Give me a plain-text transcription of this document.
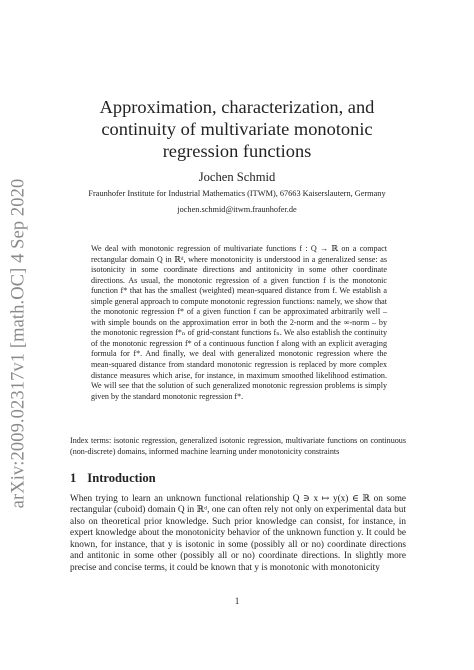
arXiv:2009.02317v1 [math.OC] 4 Sep 2020
Approximation, characterization, and
continuity of multivariate monotonic
regression functions
Jochen Schmid
Fraunhofer Institute for Industrial Mathematics (ITWM), 67663 Kaiserslautern, Germany
jochen.schmid@itwm.fraunhofer.de

We deal with monotonic regression of multivariate functions f : Q → ℝ on a compact rectangular domain Q in ℝᵈ, where monotonicity is understood in a generalized sense: as isotonicity in some coordinate directions and antitonicity in some other coordinate directions. As usual, the monotonic regression of a given function f is the monotonic function f* that has the smallest (weighted) mean-squared distance from f. We establish a simple general approach to compute monotonic regression functions: namely, we show that the monotonic regression f* of a given function f can be approximated arbitrarily well – with simple bounds on the approximation error in both the 2-norm and the ∞-norm – by the monotonic regression f*ₙ of grid-constant functions fₙ. We also establish the continuity of the monotonic regression f* of a continuous function f along with an explicit averaging formula for f*. And finally, we deal with generalized monotonic regression where the mean-squared distance from standard monotonic regression is replaced by more complex distance measures which arise, for instance, in maximum smoothed likelihood estimation. We will see that the solution of such generalized monotonic regression problems is simply given by the standard monotonic regression f*.

Index terms: isotonic regression, generalized isotonic regression, multivariate functions on continuous (non-discrete) domains, informed machine learning under monotonicity constraints

1 Introduction

When trying to learn an unknown functional relationship Q ∋ x ↦ y(x) ∈ ℝ on some rectangular (cuboid) domain Q in ℝᵈ, one can often rely not only on experimental data but also on theoretical prior knowledge. Such prior knowledge can consist, for instance, in expert knowledge about the monotonicity behavior of the unknown function y. It could be known, for instance, that y is isotonic in some (possibly all or no) coordinate directions and antitonic in some other (possibly all or no) coordinate directions. In slightly more precise and concise terms, it could be known that y is monotonic with monotonicity

1
